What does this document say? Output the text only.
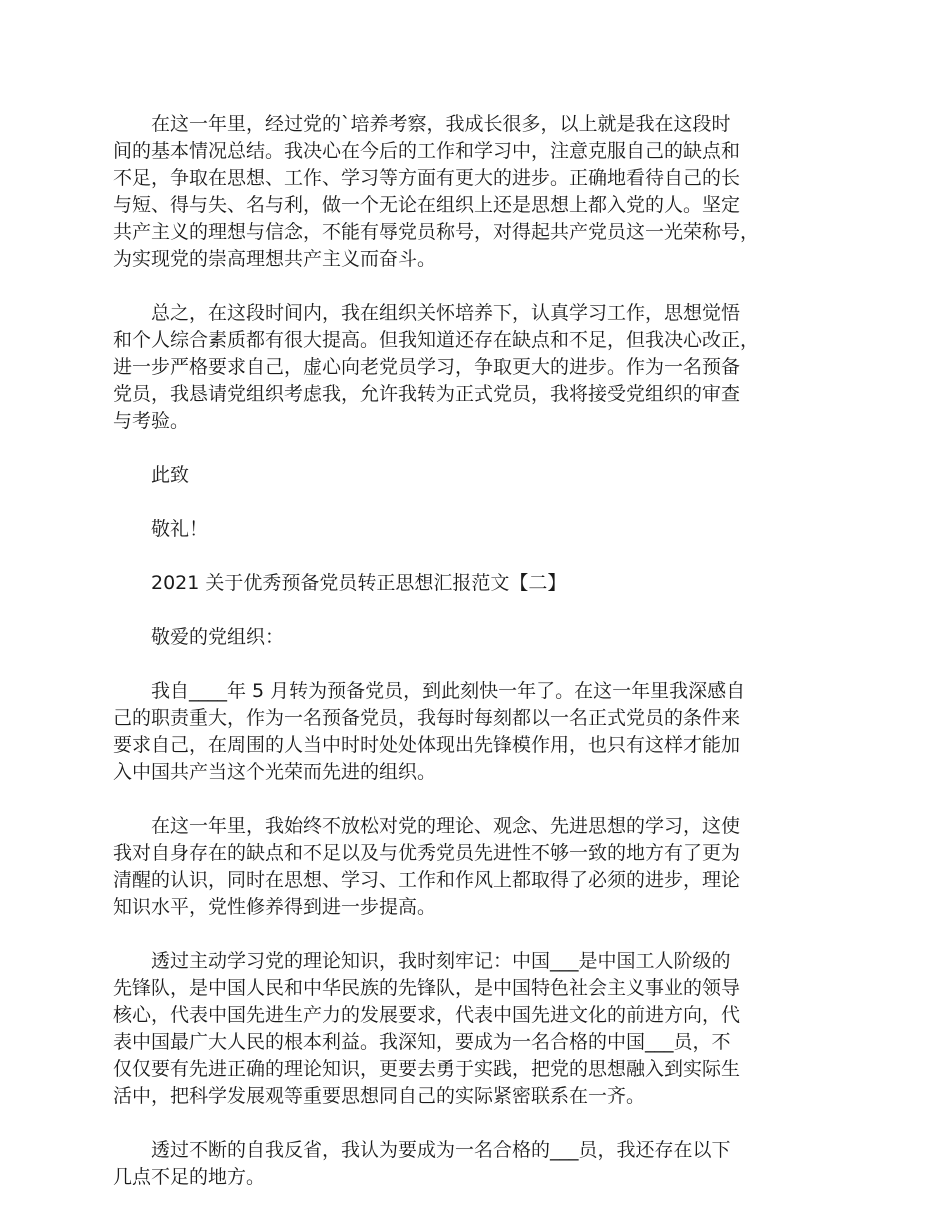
在这一年里，经过党的`培养考察，我成长很多，以上就是我在这段时
间的基本情况总结。我决心在今后的工作和学习中，注意克服自己的缺点和
不足，争取在思想、工作、学习等方面有更大的进步。正确地看待自己的长
与短、得与失、名与利，做一个无论在组织上还是思想上都入党的人。坚定
共产主义的理想与信念，不能有辱党员称号，对得起共产党员这一光荣称号，
为实现党的崇高理想共产主义而奋斗。
总之，在这段时间内，我在组织关怀培养下，认真学习工作，思想觉悟
和个人综合素质都有很大提高。但我知道还存在缺点和不足，但我决心改正，
进一步严格要求自己，虚心向老党员学习，争取更大的进步。作为一名预备
党员，我恳请党组织考虑我，允许我转为正式党员，我将接受党组织的审查
与考验。
此致
敬礼！
2021 关于优秀预备党员转正思想汇报范文【二】
敬爱的党组织：
我自____年 5 月转为预备党员，到此刻快一年了。在这一年里我深感自
己的职责重大，作为一名预备党员，我每时每刻都以一名正式党员的条件来
要求自己，在周围的人当中时时处处体现出先锋模作用，也只有这样才能加
入中国共产当这个光荣而先进的组织。
在这一年里，我始终不放松对党的理论、观念、先进思想的学习，这使
我对自身存在的缺点和不足以及与优秀党员先进性不够一致的地方有了更为
清醒的认识，同时在思想、学习、工作和作风上都取得了必须的进步，理论
知识水平，党性修养得到进一步提高。
透过主动学习党的理论知识，我时刻牢记：中国___是中国工人阶级的
先锋队，是中国人民和中华民族的先锋队，是中国特色社会主义事业的领导
核心，代表中国先进生产力的发展要求，代表中国先进文化的前进方向，代
表中国最广大人民的根本利益。我深知，要成为一名合格的中国___员，不
仅仅要有先进正确的理论知识，更要去勇于实践，把党的思想融入到实际生
活中，把科学发展观等重要思想同自己的实际紧密联系在一齐。
透过不断的自我反省，我认为要成为一名合格的___员，我还存在以下
几点不足的地方。
